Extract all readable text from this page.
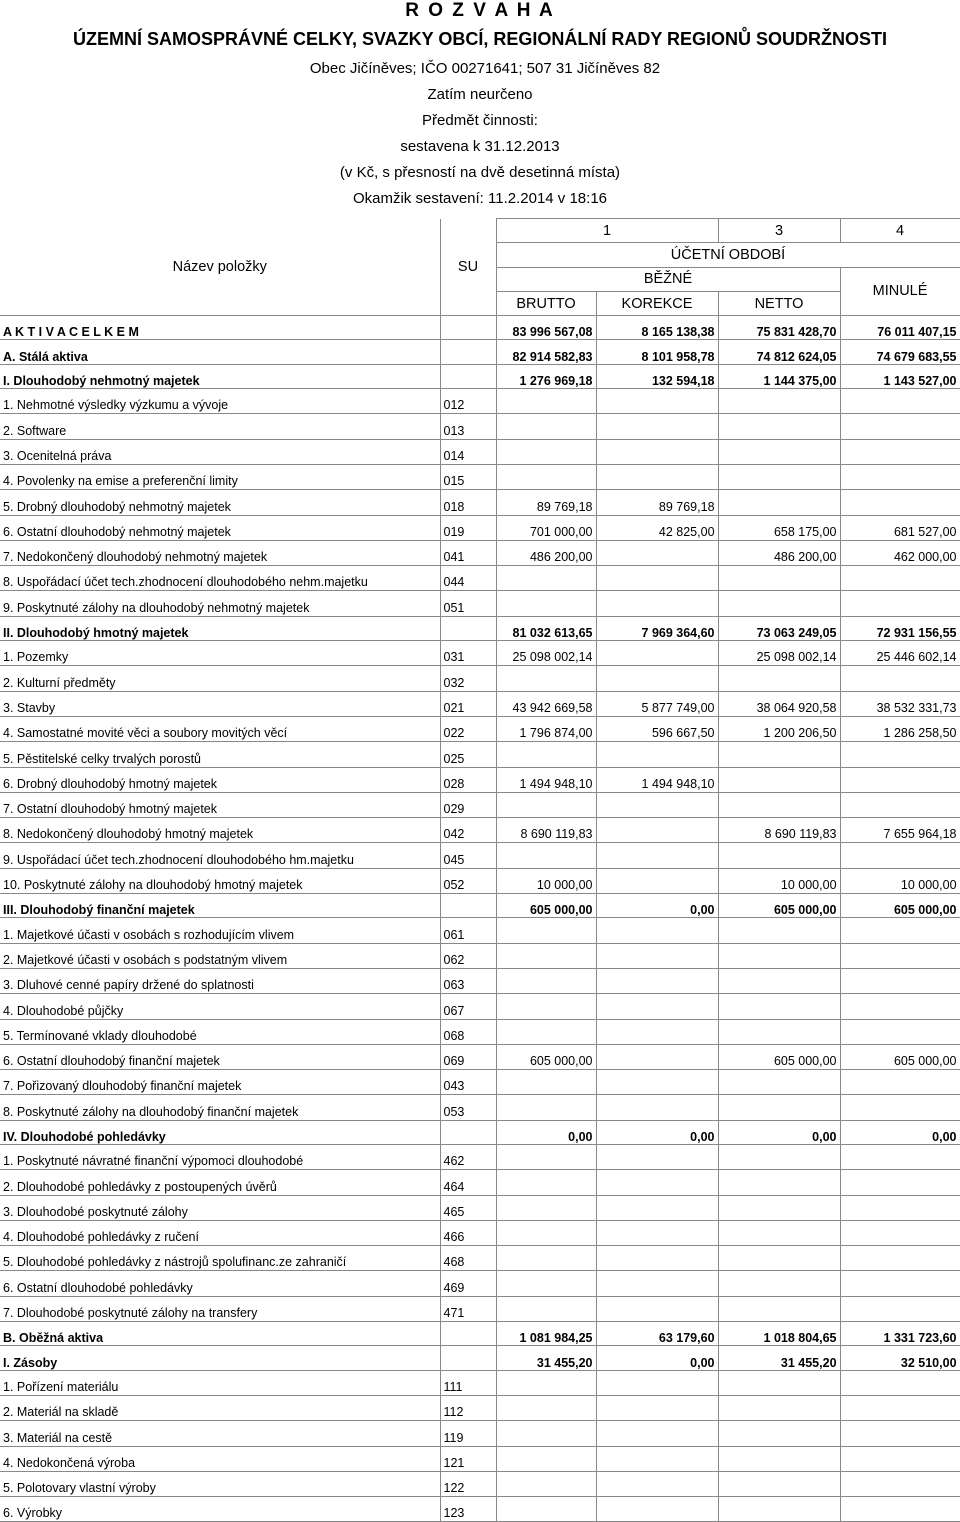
R O Z V A H A
ÚZEMNÍ SAMOSPRÁVNÉ CELKY, SVAZKY OBCÍ, REGIONÁLNÍ RADY REGIONŮ SOUDRŽNOSTI
Obec Jičíněves; IČO 00271641; 507 31 Jičíněves 82
Zatím neurčeno
Předmět činnosti:
sestavena k 31.12.2013
(v Kč, s přesností na dvě desetinná místa)
Okamžik sestavení: 11.2.2014 v 18:16
Název položky	SU	1		3	4
		ÚČETNÍ OBDOBÍ			
		BĚŽNÉ			MINULÉ
		BRUTTO	KOREKCE	NETTO	
A K T I V A C E L K E M		83 996 567,08	8 165 138,38	75 831 428,70	76 011 407,15
A. Stálá aktiva		82 914 582,83	8 101 958,78	74 812 624,05	74 679 683,55
I. Dlouhodobý nehmotný majetek		1 276 969,18	132 594,18	1 144 375,00	1 143 527,00
1. Nehmotné výsledky výzkumu a vývoje	012				
2. Software	013				
3. Ocenitelná práva	014				
4. Povolenky na emise a preferenční limity	015				
5. Drobný dlouhodobý nehmotný majetek	018	89 769,18	89 769,18		
6. Ostatní dlouhodobý nehmotný majetek	019	701 000,00	42 825,00	658 175,00	681 527,00
7. Nedokončený dlouhodobý nehmotný majetek	041	486 200,00		486 200,00	462 000,00
8. Uspořádací účet tech.zhodnocení dlouhodobého nehm.majetku	044				
9. Poskytnuté zálohy na dlouhodobý nehmotný majetek	051				
II. Dlouhodobý hmotný majetek		81 032 613,65	7 969 364,60	73 063 249,05	72 931 156,55
1. Pozemky	031	25 098 002,14		25 098 002,14	25 446 602,14
2. Kulturní předměty	032				
3. Stavby	021	43 942 669,58	5 877 749,00	38 064 920,58	38 532 331,73
4. Samostatné movité věci a soubory movitých věcí	022	1 796 874,00	596 667,50	1 200 206,50	1 286 258,50
5. Pěstitelské celky trvalých porostů	025				
6. Drobný dlouhodobý hmotný majetek	028	1 494 948,10	1 494 948,10		
7. Ostatní dlouhodobý hmotný majetek	029				
8. Nedokončený dlouhodobý hmotný majetek	042	8 690 119,83		8 690 119,83	7 655 964,18
9. Uspořádací účet tech.zhodnocení dlouhodobého hm.majetku	045				
10. Poskytnuté zálohy na dlouhodobý hmotný majetek	052	10 000,00		10 000,00	10 000,00
III. Dlouhodobý finanční majetek		605 000,00	0,00	605 000,00	605 000,00
1. Majetkové účasti v osobách s rozhodujícím vlivem	061				
2. Majetkové účasti v osobách s podstatným vlivem	062				
3. Dluhové cenné papíry držené do splatnosti	063				
4. Dlouhodobé půjčky	067				
5. Termínované vklady dlouhodobé	068				
6. Ostatní dlouhodobý finanční majetek	069	605 000,00		605 000,00	605 000,00
7. Pořizovaný dlouhodobý finanční majetek	043				
8. Poskytnuté zálohy na dlouhodobý finanční majetek	053				
IV. Dlouhodobé pohledávky		0,00	0,00	0,00	0,00
1. Poskytnuté návratné finanční výpomoci dlouhodobé	462				
2. Dlouhodobé pohledávky z postoupených úvěrů	464				
3. Dlouhodobé poskytnuté zálohy	465				
4. Dlouhodobé pohledávky z ručení	466				
5. Dlouhodobé pohledávky z nástrojů spolufinanc.ze zahraničí	468				
6. Ostatní dlouhodobé pohledávky	469				
7. Dlouhodobé poskytnuté zálohy na transfery	471				
B. Oběžná aktiva		1 081 984,25	63 179,60	1 018 804,65	1 331 723,60
I. Zásoby		31 455,20	0,00	31 455,20	32 510,00
1. Pořízení materiálu	111				
2. Materiál na skladě	112				
3. Materiál na cestě	119				
4. Nedokončená výroba	121				
5. Polotovary vlastní výroby	122				
6. Výrobky	123				
